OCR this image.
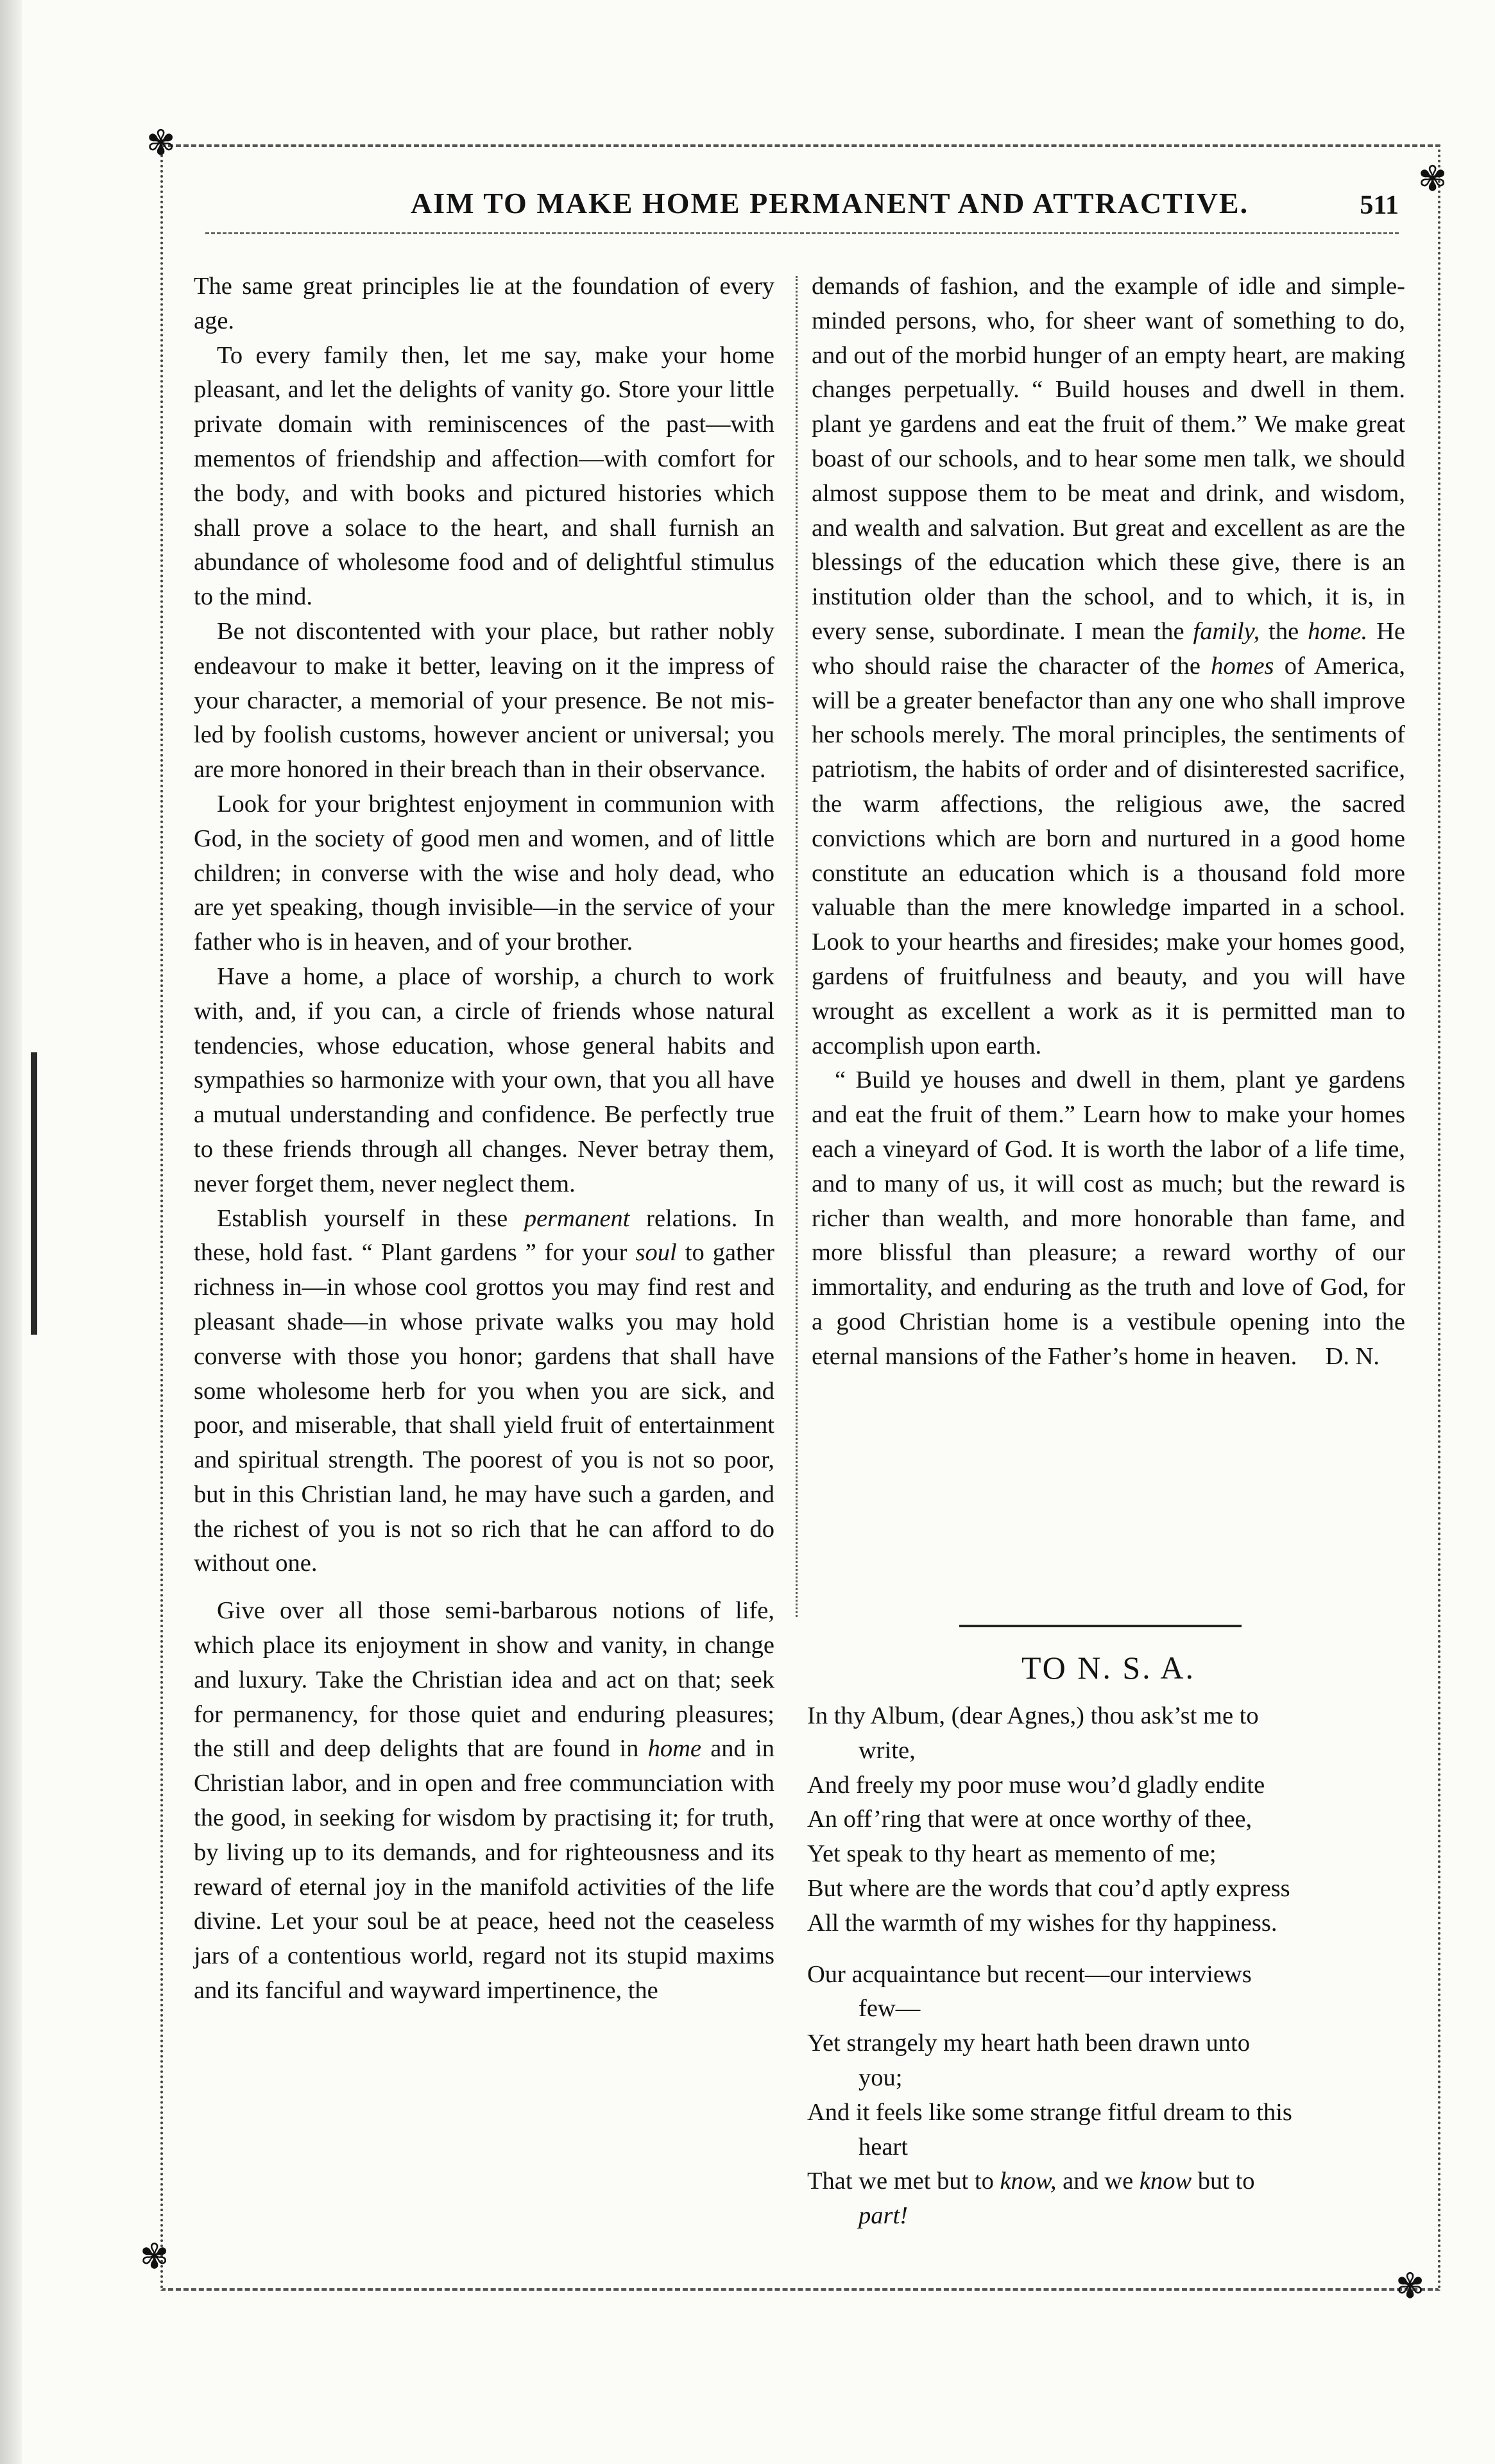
✾
✾
✾
✾
AIM TO MAKE HOME PERMANENT AND ATTRACTIVE.	511

The same great principles lie at the foundation of every age.

To every family then, let me say, make your home pleasant, and let the delights of vanity go. Store your little private domain with reminiscences of the past—with mementos of friendship and affection—with comfort for the body, and with books and pictured histories which shall prove a solace to the heart, and shall furnish an abundance of wholesome food and of delightful stimulus to the mind.

Be not discontented with your place, but rather nobly endeavour to make it better, leaving on it the impress of your character, a memorial of your presence. Be not mis-led by foolish customs, however ancient or universal; you are more honored in their breach than in their observance.

Look for your brightest enjoyment in communion with God, in the society of good men and women, and of little children; in converse with the wise and holy dead, who are yet speaking, though invisible—in the service of your father who is in heaven, and of your brother.

Have a home, a place of worship, a church to work with, and, if you can, a circle of friends whose natural tendencies, whose education, whose general habits and sympathies so harmonize with your own, that you all have a mutual understanding and confidence. Be perfectly true to these friends through all changes. Never betray them, never forget them, never neglect them.

Establish yourself in these permanent relations. In these, hold fast. “ Plant gardens ” for your soul to gather richness in—in whose cool grottos you may find rest and pleasant shade—in whose private walks you may hold converse with those you honor; gardens that shall have some wholesome herb for you when you are sick, and poor, and miserable, that shall yield fruit of entertainment and spiritual strength. The poorest of you is not so poor, but in this Christian land, he may have such a garden, and the richest of you is not so rich that he can afford to do without one.

Give over all those semi-barbarous notions of life, which place its enjoyment in show and vanity, in change and luxury. Take the Christian idea and act on that; seek for permanency, for those quiet and enduring pleasures; the still and deep delights that are found in home and in Christian labor, and in open and free communciation with the good, in seeking for wisdom by practising it; for truth, by living up to its demands, and for righteousness and its reward of eternal joy in the manifold activities of the life divine. Let your soul be at peace, heed not the ceaseless jars of a contentious world, regard not its stupid maxims and its fanciful and wayward impertinence, the

demands of fashion, and the example of idle and simple-minded persons, who, for sheer want of something to do, and out of the morbid hunger of an empty heart, are making changes perpetually. “ Build houses and dwell in them. plant ye gardens and eat the fruit of them.” We make great boast of our schools, and to hear some men talk, we should almost suppose them to be meat and drink, and wisdom, and wealth and salvation. But great and excellent as are the blessings of the education which these give, there is an institution older than the school, and to which, it is, in every sense, subordinate. I mean the family, the home. He who should raise the character of the homes of America, will be a greater benefactor than any one who shall improve her schools merely. The moral principles, the sentiments of patriotism, the habits of order and of disinterested sacrifice, the warm affections, the religious awe, the sacred convictions which are born and nurtured in a good home constitute an education which is a thousand fold more valuable than the mere knowledge imparted in a school. Look to your hearths and firesides; make your homes good, gardens of fruitfulness and beauty, and you will have wrought as excellent a work as it is permitted man to accomplish upon earth.

“ Build ye houses and dwell in them, plant ye gardens and eat the fruit of them.” Learn how to make your homes each a vineyard of God. It is worth the labor of a life time, and to many of us, it will cost as much; but the reward is richer than wealth, and more honorable than fame, and more blissful than pleasure; a reward worthy of our immortality, and enduring as the truth and love of God, for a good Christian home is a vestibule opening into the eternal mansions of the Father’s home in heaven.	D. N.

TO N. S. A.
In thy Album, (dear Agnes,) thou ask’st me to
write,
And freely my poor muse wou’d gladly endite
An off’ring that were at once worthy of thee,
Yet speak to thy heart as memento of me;
But where are the words that cou’d aptly express
All the warmth of my wishes for thy happiness.
Our acquaintance but recent—our interviews
few—
Yet strangely my heart hath been drawn unto
you;
And it feels like some strange fitful dream to this
heart
That we met but to know, and we know but to
part!
